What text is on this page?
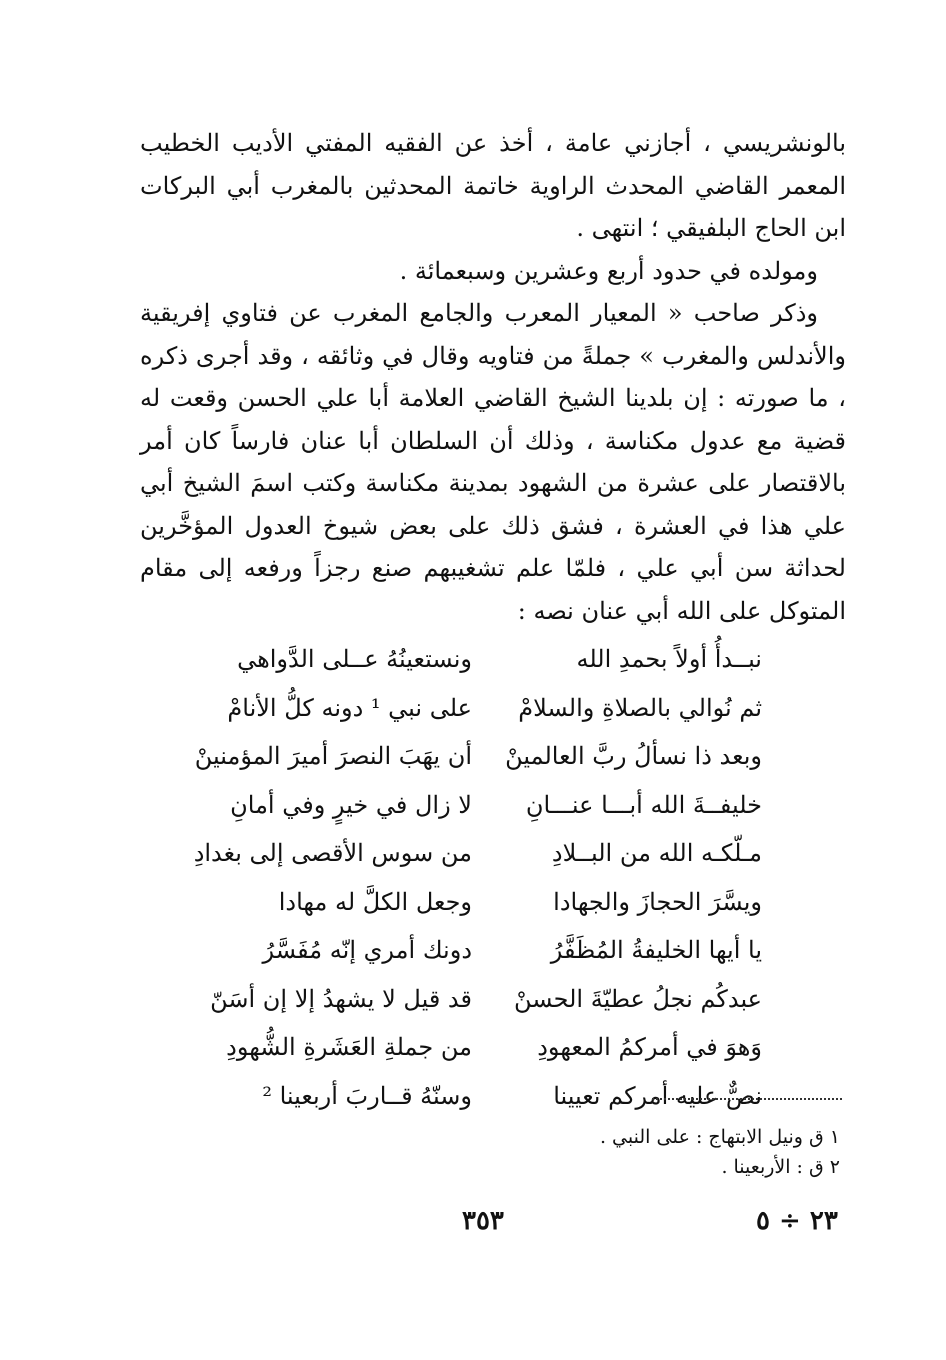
بالونشريسي ، أجازني عامة ، أخذ عن الفقيه المفتي الأديب الخطيب المعمر القاضي المحدث الراوية خاتمة المحدثين بالمغرب أبي البركات ابن الحاج البلفيقي ؛ انتهى .

ومولده في حدود أربع وعشرين وسبعمائة .

وذكر صاحب « المعيار المعرب والجامع المغرب عن فتاوي إفريقية والأندلس والمغرب » جملةً من فتاويه وقال في وثائقه ، وقد أجرى ذكره ، ما صورته : إن بلدينا الشيخ القاضي العلامة أبا علي الحسن وقعت له قضية مع عدول مكناسة ، وذلك أن السلطان أبا عنان فارساً كان أمر بالاقتصار على عشرة من الشهود بمدينة مكناسة وكتب اسمَ الشيخ أبي علي هذا في العشرة ، فشق ذلك على بعض شيوخ العدول المؤخَّرين لحداثة سن أبي علي ، فلمّا علم تشغيبهم صنع رجزاً ورفعه إلى مقام المتوكل على الله أبي عنان نصه :

نبــدأُ أولاً بحمدِ الله
ونستعينُهُ عــلى الدَّواهي
ثم نُوالي بالصلاةِ والسلامْ
على نبي ¹ دونه كلُّ الأنامْ
وبعد ذا نسألُ ربَّ العالمينْ
أن يهَبَ النصرَ أميرَ المؤمنينْ
خليفــةَ الله أبـــا عنـــانِ
لا زال في خيرٍ وفي أمانِ
مـلّكـه الله من البــلادِ
من سوس الأقصى إلى بغدادِ
ويسَّرَ الحجازَ والجهادا
وجعل الكلَّ له مهادا
يا أيها الخليفةُ المُظَفَّرُ
دونك أمري إنّه مُفَسَّرُ
عبدكُم نجلُ عطيّةَ الحسنْ
قد قيل لا يشهدُ إلا إن أسَنّ
وَهوَ في أمركمُ المعهودِ
من جملةِ العَشَرةِ الشُّهودِ
نصٌّ عليه أمركم تعيينا
وسنّهُ قــاربَ أربعينا ²
١ ق ونيل الابتهاج : على النبي .
٢ ق : الأربعينا .
٣٥٣	٢٣ ÷ ٥
